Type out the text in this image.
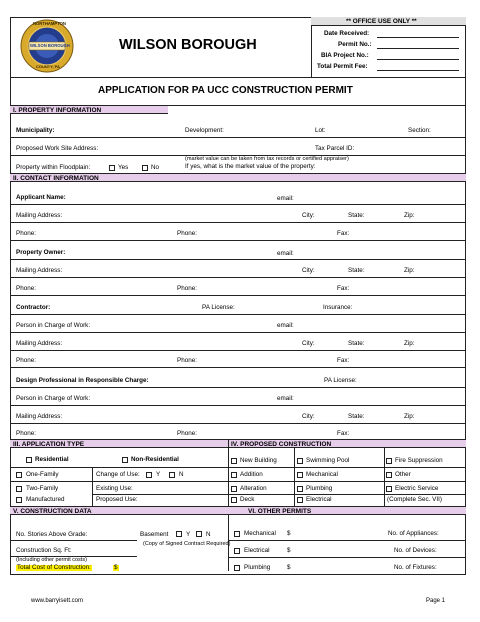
NORTHAMPTON
WILSON BOROUGH
COUNTY, PA
WILSON BOROUGH
** OFFICE USE ONLY **
Date Received:
Permit No.:
BIA Project No.:
Total Permit Fee:
APPLICATION FOR PA UCC CONSTRUCTION PERMIT
I. PROPERTY INFORMATION
Municipality:	Development:	Lot:	Section:
Proposed Work Site Address:	Tax Parcel ID:
(market value can be taken from tax records or certified appraiser)
Property within Floodplain:	Yes	No	If yes, what is the market value of the property:
II. CONTACT INFORMATION
Applicant Name:	email:
Mailing Address:	City:	State:	Zip:
Phone:	Phone:	Fax:
Property Owner:	email:
Mailing Address:	City:	State:	Zip:
Phone:	Phone:	Fax:
Contractor:	PA License:	Insurance:
Person in Charge of Work:	email:
Mailing Address:	City:	State:	Zip:
Phone:	Phone:	Fax:
Design Professional in Responsible Charge:	PA License:
Person in Charge of Work:	email:
Mailing Address:	City:	State:	Zip:
Phone:	Phone:	Fax:
III. APPLICATION TYPE	IV. PROPOSED CONSTRUCTION
Residential	Non-Residential
One-Family	Change of Use:	Y	N
Two-Family	Existing Use:
Manufactured	Proposed Use:
New Building	Swimming Pool	Fire Suppression
Addition	Mechanical	Other
Alteration	Plumbing	Electric Service
Deck	Electrical	(Complete Sec. VII)
V. CONSTRUCTION DATA	VI. OTHER PERMITS
No. Stories Above Grade:	Basement	Y	N
(Copy of Signed Contract Required)
Construction Sq. Ft:
(Including other permit costs)
Total Cost of Construction:	$
Mechanical $	No. of Appliances:
Electrical	$	No. of Devices:
Plumbing	$	No. of Fixtures:
www.barryisett.com	Page 1
